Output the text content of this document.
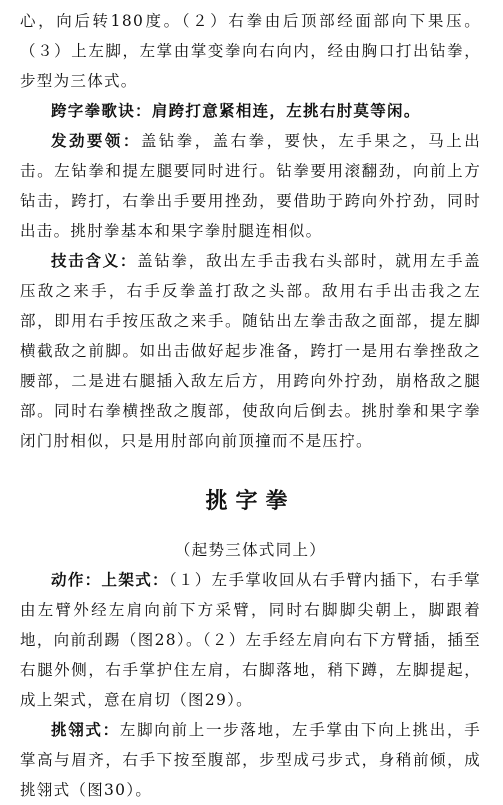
心，向后转180度。（２）右拳由后顶部经面部向下果压。（３）上左脚，左掌由掌变拳向右向内，经由胸口打出钻拳，步型为三体式。

跨字拳歌诀：肩跨打意紧相连，左挑右肘莫等闲。

发劲要领：盖钻拳，盖右拳，要快，左手果之，马上出击。左钻拳和提左腿要同时进行。钻拳要用滚翻劲，向前上方钻击，跨打，右拳出手要用挫劲，要借助于跨向外拧劲，同时出击。挑肘拳基本和果字拳肘腿连相似。

技击含义：盖钻拳，敌出左手击我右头部时，就用左手盖压敌之来手，右手反拳盖打敌之头部。敌用右手出击我之左部，即用右手按压敌之来手。随钻出左拳击敌之面部，提左脚横截敌之前脚。如出击做好起步准备，跨打一是用右拳挫敌之腰部，二是进右腿插入敌左后方，用跨向外拧劲，崩格敌之腿部。同时右拳横挫敌之腹部，使敌向后倒去。挑肘拳和果字拳闭门肘相似，只是用肘部向前顶撞而不是压拧。

挑字拳

（起势三体式同上）

动作：上架式：（１）左手掌收回从右手臂内插下，右手掌由左臂外经左肩向前下方采臂，同时右脚脚尖朝上，脚跟着地，向前刮踢（图28）。（２）左手经左肩向右下方臂插，插至右腿外侧，右手掌护住左肩，右脚落地，稍下蹲，左脚提起，成上架式，意在肩切（图29）。

挑翎式：左脚向前上一步落地，左手掌由下向上挑出，手掌高与眉齐，右手下按至腹部，步型成弓步式，身稍前倾，成挑翎式（图30）。
